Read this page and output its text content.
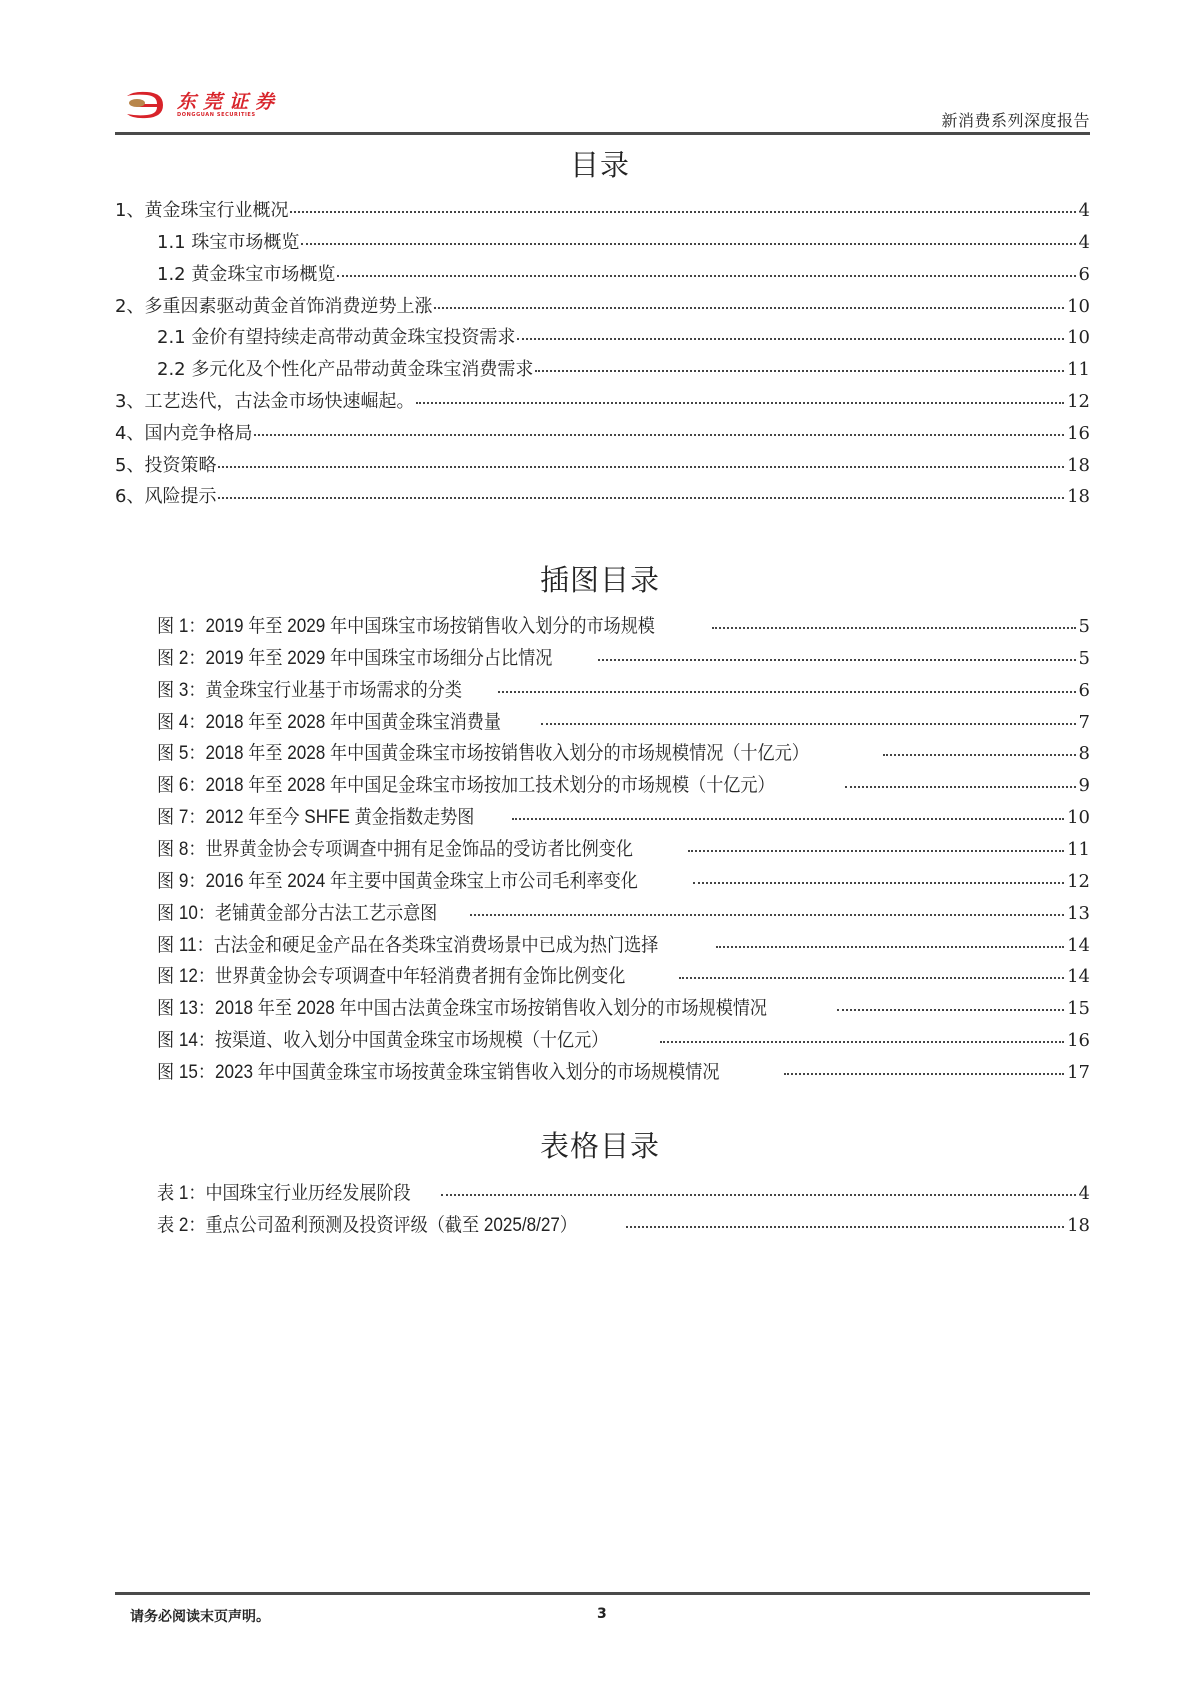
东莞证券
DONGGUAN SECURITIES	新消费系列深度报告
目录
1、黄金珠宝行业概况	4
1.1 珠宝市场概览	4
1.2 黄金珠宝市场概览	6
2、多重因素驱动黄金首饰消费逆势上涨	10
2.1 金价有望持续走高带动黄金珠宝投资需求	10
2.2 多元化及个性化产品带动黄金珠宝消费需求	11
3、工艺迭代，古法金市场快速崛起。	12
4、国内竞争格局	16
5、投资策略	18
6、风险提示	18
插图目录
图 1：2019 年至 2029 年中国珠宝市场按销售收入划分的市场规模	5
图 2：2019 年至 2029 年中国珠宝市场细分占比情况	5
图 3：黄金珠宝行业基于市场需求的分类	6
图 4：2018 年至 2028 年中国黄金珠宝消费量	7
图 5：2018 年至 2028 年中国黄金珠宝市场按销售收入划分的市场规模情况（十亿元）	8
图 6：2018 年至 2028 年中国足金珠宝市场按加工技术划分的市场规模（十亿元）	9
图 7：2012 年至今 SHFE 黄金指数走势图	10
图 8：世界黄金协会专项调查中拥有足金饰品的受访者比例变化	11
图 9：2016 年至 2024 年主要中国黄金珠宝上市公司毛利率变化	12
图 10：老铺黄金部分古法工艺示意图	13
图 11：古法金和硬足金产品在各类珠宝消费场景中已成为热门选择	14
图 12：世界黄金协会专项调查中年轻消费者拥有金饰比例变化	14
图 13：2018 年至 2028 年中国古法黄金珠宝市场按销售收入划分的市场规模情况	15
图 14：按渠道、收入划分中国黄金珠宝市场规模（十亿元）	16
图 15：2023 年中国黄金珠宝市场按黄金珠宝销售收入划分的市场规模情况	17
表格目录
表 1：中国珠宝行业历经发展阶段	4
表 2：重点公司盈利预测及投资评级（截至 2025/8/27）	18
请务必阅读末页声明。	3
